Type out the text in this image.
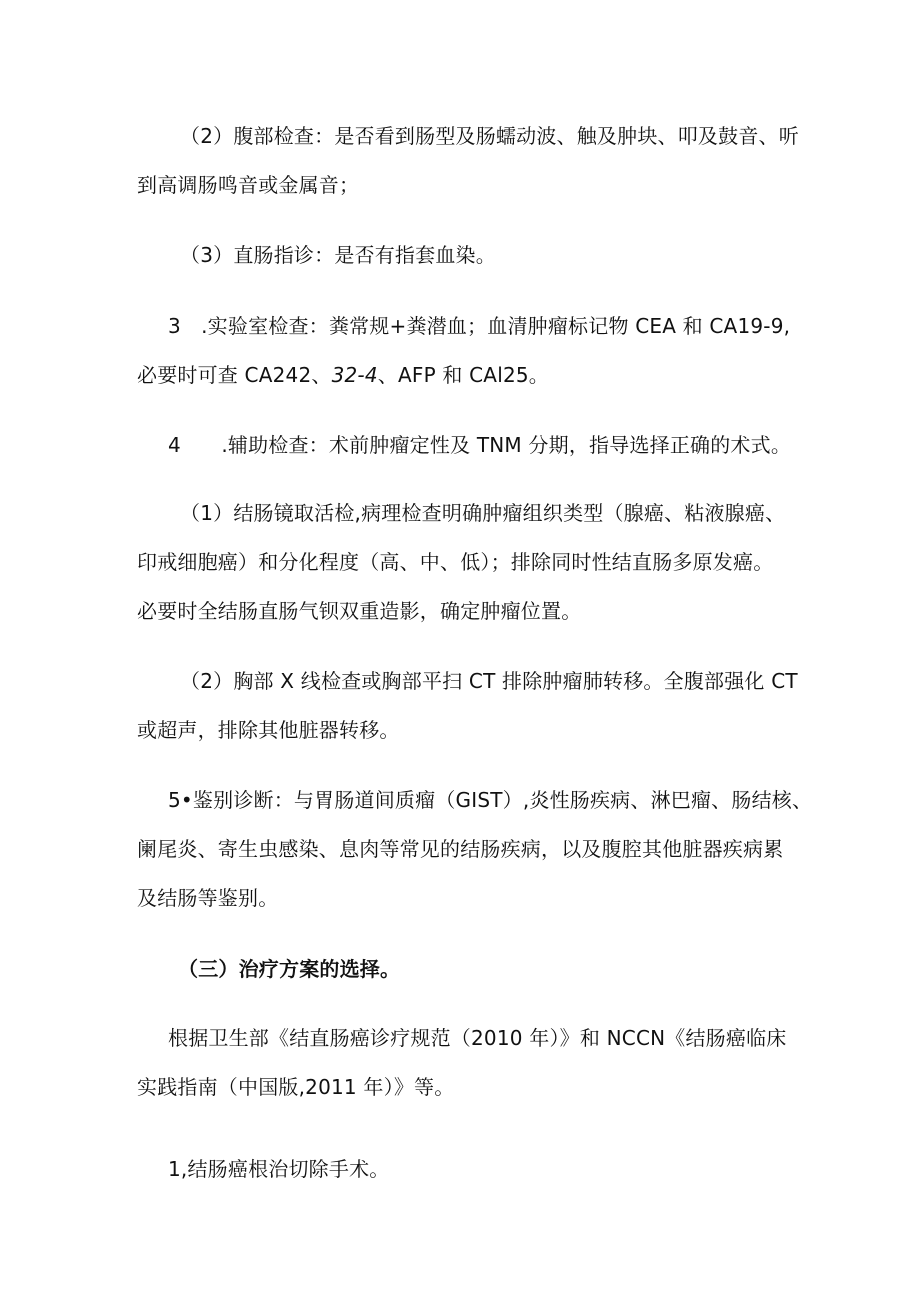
（2）腹部检查：是否看到肠型及肠蠕动波、触及肿块、叩及鼓音、听
到高调肠鸣音或金属音；
（3）直肠指诊：是否有指套血染。
3　.实验室检查：粪常规+粪潜血；血清肿瘤标记物 CEA 和 CA19-9,
必要时可查 CA242、32-4、AFP 和 CAl25。
4　　.辅助检查：术前肿瘤定性及 TNM 分期，指导选择正确的术式。
（1）结肠镜取活检,病理检查明确肿瘤组织类型（腺癌、粘液腺癌、
印戒细胞癌）和分化程度（高、中、低）；排除同时性结直肠多原发癌。
必要时全结肠直肠气钡双重造影，确定肿瘤位置。
（2）胸部 X 线检查或胸部平扫 CT 排除肿瘤肺转移。全腹部强化 CT
或超声，排除其他脏器转移。
5•鉴别诊断：与胃肠道间质瘤（GIST）,炎性肠疾病、淋巴瘤、肠结核、
阑尾炎、寄生虫感染、息肉等常见的结肠疾病，以及腹腔其他脏器疾病累
及结肠等鉴别。
（三）治疗方案的选择。
根据卫生部《结直肠癌诊疗规范（2010 年）》和 NCCN《结肠癌临床
实践指南（中国版,2011 年）》等。
1,结肠癌根治切除手术。
